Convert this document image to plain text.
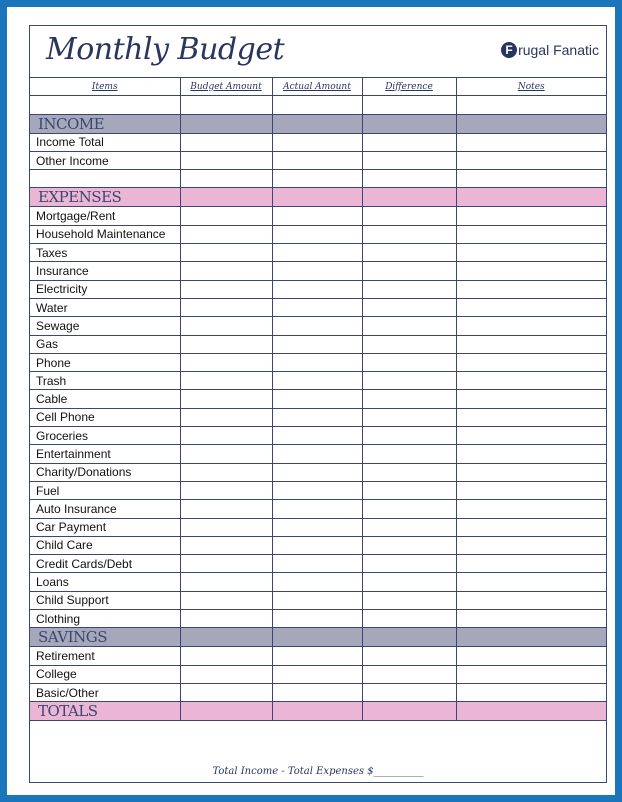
Monthly Budget	F rugal Fanatic
Items	Budget Amount	Actual Amount	Difference	Notes

INCOME				
Income Total				
Other Income				

EXPENSES				
Mortgage/Rent				
Household Maintenance				
Taxes				
Insurance				
Electricity				
Water				
Sewage				
Gas				
Phone				
Trash				
Cable				
Cell Phone				
Groceries				
Entertainment				
Charity/Donations				
Fuel				
Auto Insurance				
Car Payment				
Child Care				
Credit Cards/Debt				
Loans				
Child Support				
Clothing				
SAVINGS				
Retirement				
College				
Basic/Other				
TOTALS				
Total Income - Total Expenses $__________
